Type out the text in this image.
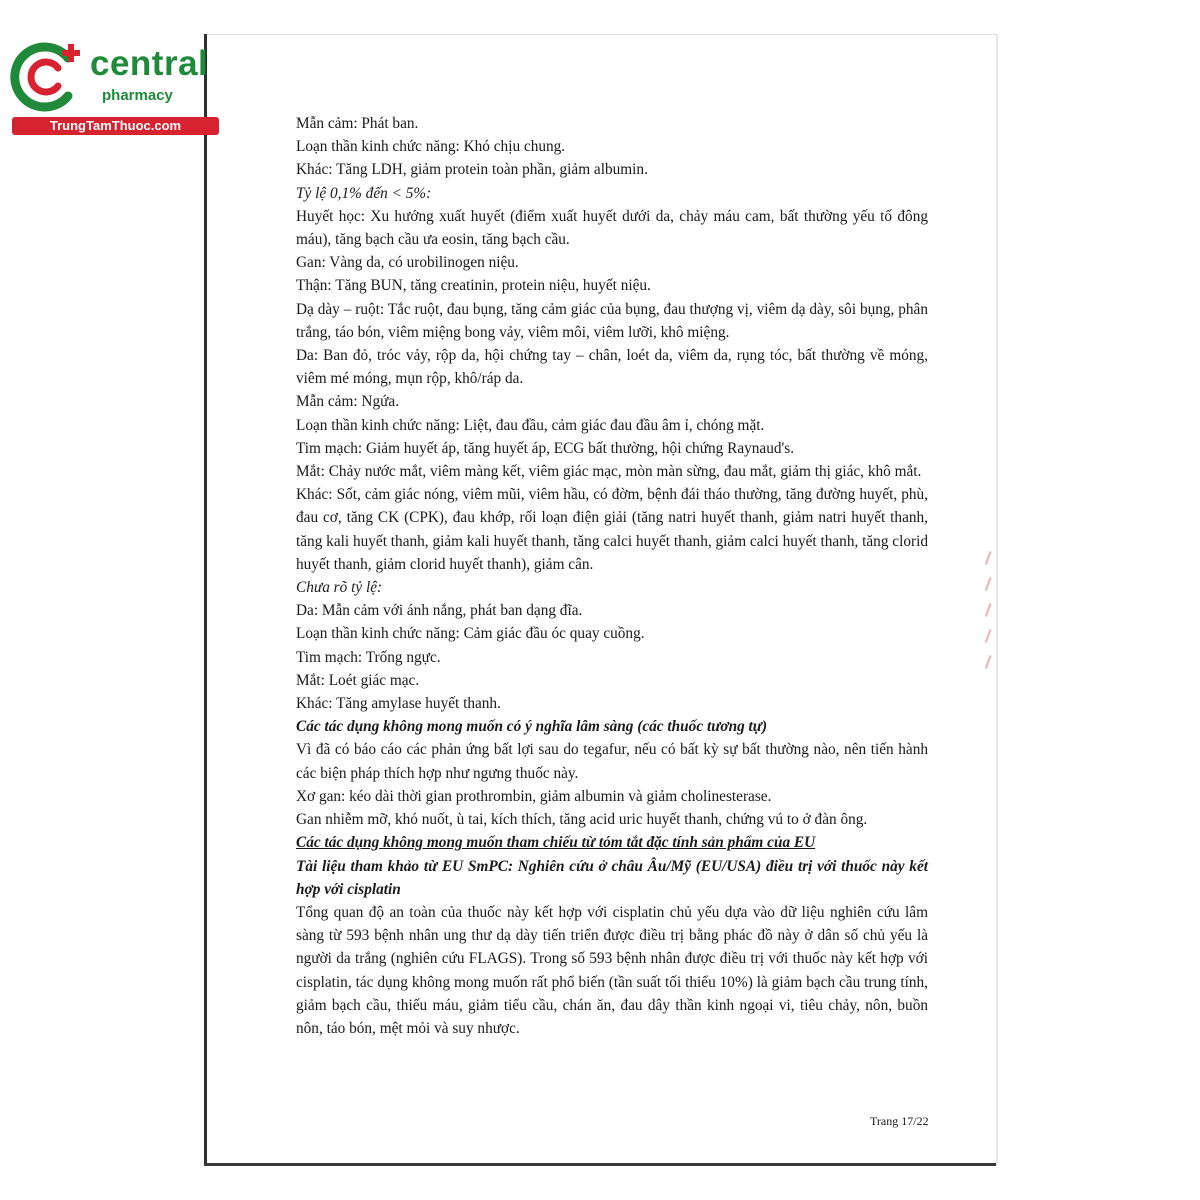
central
pharmacy
TrungTamThuoc.com	Mẫn cảm: Phát ban.

Loạn thần kinh chức năng: Khó chịu chung.

Khác: Tăng LDH, giảm protein toàn phần, giảm albumin.

Tỷ lệ 0,1% đến < 5%:

Huyết học: Xu hướng xuất huyết (điểm xuất huyết dưới da, chảy máu cam, bất thường yếu tố đông máu), tăng bạch cầu ưa eosin, tăng bạch cầu.

Gan: Vàng da, có urobilinogen niệu.

Thận: Tăng BUN, tăng creatinin, protein niệu, huyết niệu.

Dạ dày – ruột: Tắc ruột, đau bụng, tăng cảm giác của bụng, đau thượng vị, viêm dạ dày, sôi bụng, phân trắng, táo bón, viêm miệng bong vảy, viêm môi, viêm lưỡi, khô miệng.

Da: Ban đỏ, tróc vảy, rộp da, hội chứng tay – chân, loét da, viêm da, rụng tóc, bất thường về móng, viêm mé móng, mụn rộp, khô/ráp da.

Mẫn cảm: Ngứa.

Loạn thần kinh chức năng: Liệt, đau đầu, cảm giác đau đầu âm ỉ, chóng mặt.

Tim mạch: Giảm huyết áp, tăng huyết áp, ECG bất thường, hội chứng Raynaud's.

Mắt: Chảy nước mắt, viêm màng kết, viêm giác mạc, mòn màn sừng, đau mắt, giảm thị giác, khô mắt.

Khác: Sốt, cảm giác nóng, viêm mũi, viêm hầu, có đờm, bệnh đái tháo thường, tăng đường huyết, phù, đau cơ, tăng CK (CPK), đau khớp, rối loạn điện giải (tăng natri huyết thanh, giảm natri huyết thanh, tăng kali huyết thanh, giảm kali huyết thanh, tăng calci huyết thanh, giảm calci huyết thanh, tăng clorid huyết thanh, giảm clorid huyết thanh), giảm cân.

Chưa rõ tỷ lệ:

Da: Mẫn cảm với ánh nắng, phát ban dạng đĩa.

Loạn thần kinh chức năng: Cảm giác đầu óc quay cuồng.

Tim mạch: Trống ngực.

Mắt: Loét giác mạc.

Khác: Tăng amylase huyết thanh.

Các tác dụng không mong muốn có ý nghĩa lâm sàng (các thuốc tương tự)

Vì đã có báo cáo các phản ứng bất lợi sau do tegafur, nếu có bất kỳ sự bất thường nào, nên tiến hành các biện pháp thích hợp như ngưng thuốc này.

Xơ gan: kéo dài thời gian prothrombin, giảm albumin và giảm cholinesterase.

Gan nhiễm mỡ, khó nuốt, ù tai, kích thích, tăng acid uric huyết thanh, chứng vú to ở đàn ông.

Các tác dụng không mong muốn tham chiếu từ tóm tắt đặc tính sản phẩm của EU

Tài liệu tham khảo từ EU SmPC: Nghiên cứu ở châu Âu/Mỹ (EU/USA) điều trị với thuốc này kết hợp với cisplatin

Tổng quan độ an toàn của thuốc này kết hợp với cisplatin chủ yếu dựa vào dữ liệu nghiên cứu lâm sàng từ 593 bệnh nhân ung thư dạ dày tiến triển được điều trị bằng phác đồ này ở dân số chủ yếu là người da trắng (nghiên cứu FLAGS). Trong số 593 bệnh nhân được điều trị với thuốc này kết hợp với cisplatin, tác dụng không mong muốn rất phổ biến (tần suất tối thiểu 10%) là giảm bạch cầu trung tính, giảm bạch cầu, thiếu máu, giảm tiểu cầu, chán ăn, đau dây thần kinh ngoại vi, tiêu chảy, nôn, buồn nôn, táo bón, mệt mỏi và suy nhược.

Trang 17/22
